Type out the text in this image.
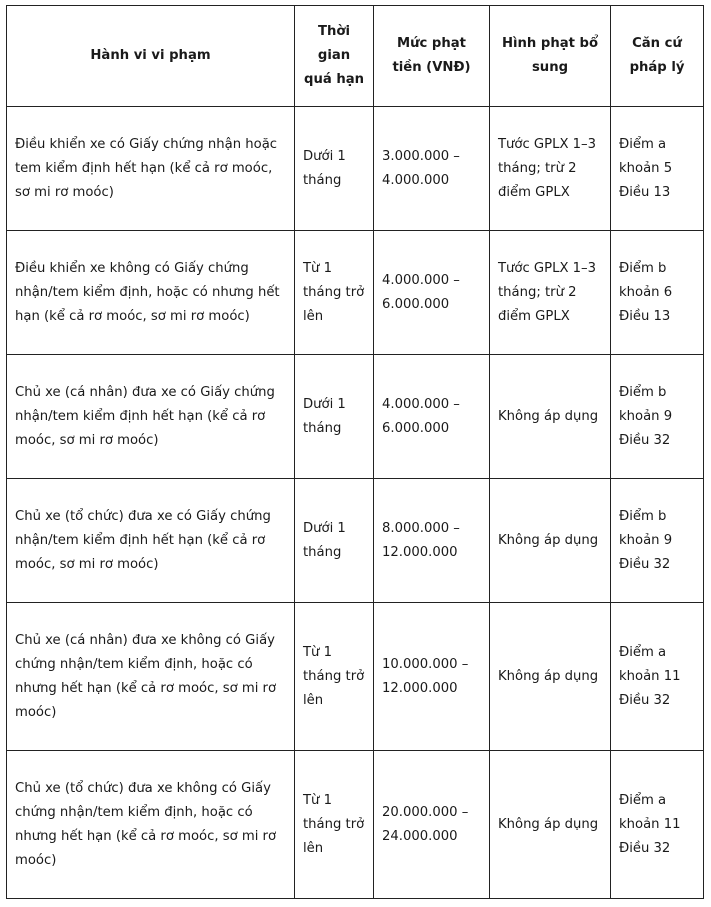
Hành vi vi phạm	Thời gian quá hạn	Mức phạt tiền (VNĐ)	Hình phạt bổ sung	Căn cứ pháp lý
Điều khiển xe có Giấy chứng nhận hoặc tem kiểm định hết hạn (kể cả rơ moóc, sơ mi rơ moóc)	Dưới 1 tháng	3.000.000 – 4.000.000	Tước GPLX 1–3 tháng; trừ 2 điểm GPLX	Điểm a khoản 5 Điều 13
Điều khiển xe không có Giấy chứng nhận/tem kiểm định, hoặc có nhưng hết hạn (kể cả rơ moóc, sơ mi rơ moóc)	Từ 1 tháng trở lên	4.000.000 – 6.000.000	Tước GPLX 1–3 tháng; trừ 2 điểm GPLX	Điểm b khoản 6 Điều 13
Chủ xe (cá nhân) đưa xe có Giấy chứng nhận/tem kiểm định hết hạn (kể cả rơ moóc, sơ mi rơ moóc)	Dưới 1 tháng	4.000.000 – 6.000.000	Không áp dụng	Điểm b khoản 9 Điều 32
Chủ xe (tổ chức) đưa xe có Giấy chứng nhận/tem kiểm định hết hạn (kể cả rơ moóc, sơ mi rơ moóc)	Dưới 1 tháng	8.000.000 – 12.000.000	Không áp dụng	Điểm b khoản 9 Điều 32
Chủ xe (cá nhân) đưa xe không có Giấy chứng nhận/tem kiểm định, hoặc có nhưng hết hạn (kể cả rơ moóc, sơ mi rơ moóc)	Từ 1 tháng trở lên	10.000.000 – 12.000.000	Không áp dụng	Điểm a khoản 11 Điều 32
Chủ xe (tổ chức) đưa xe không có Giấy chứng nhận/tem kiểm định, hoặc có nhưng hết hạn (kể cả rơ moóc, sơ mi rơ moóc)	Từ 1 tháng trở lên	20.000.000 – 24.000.000	Không áp dụng	Điểm a khoản 11 Điều 32
